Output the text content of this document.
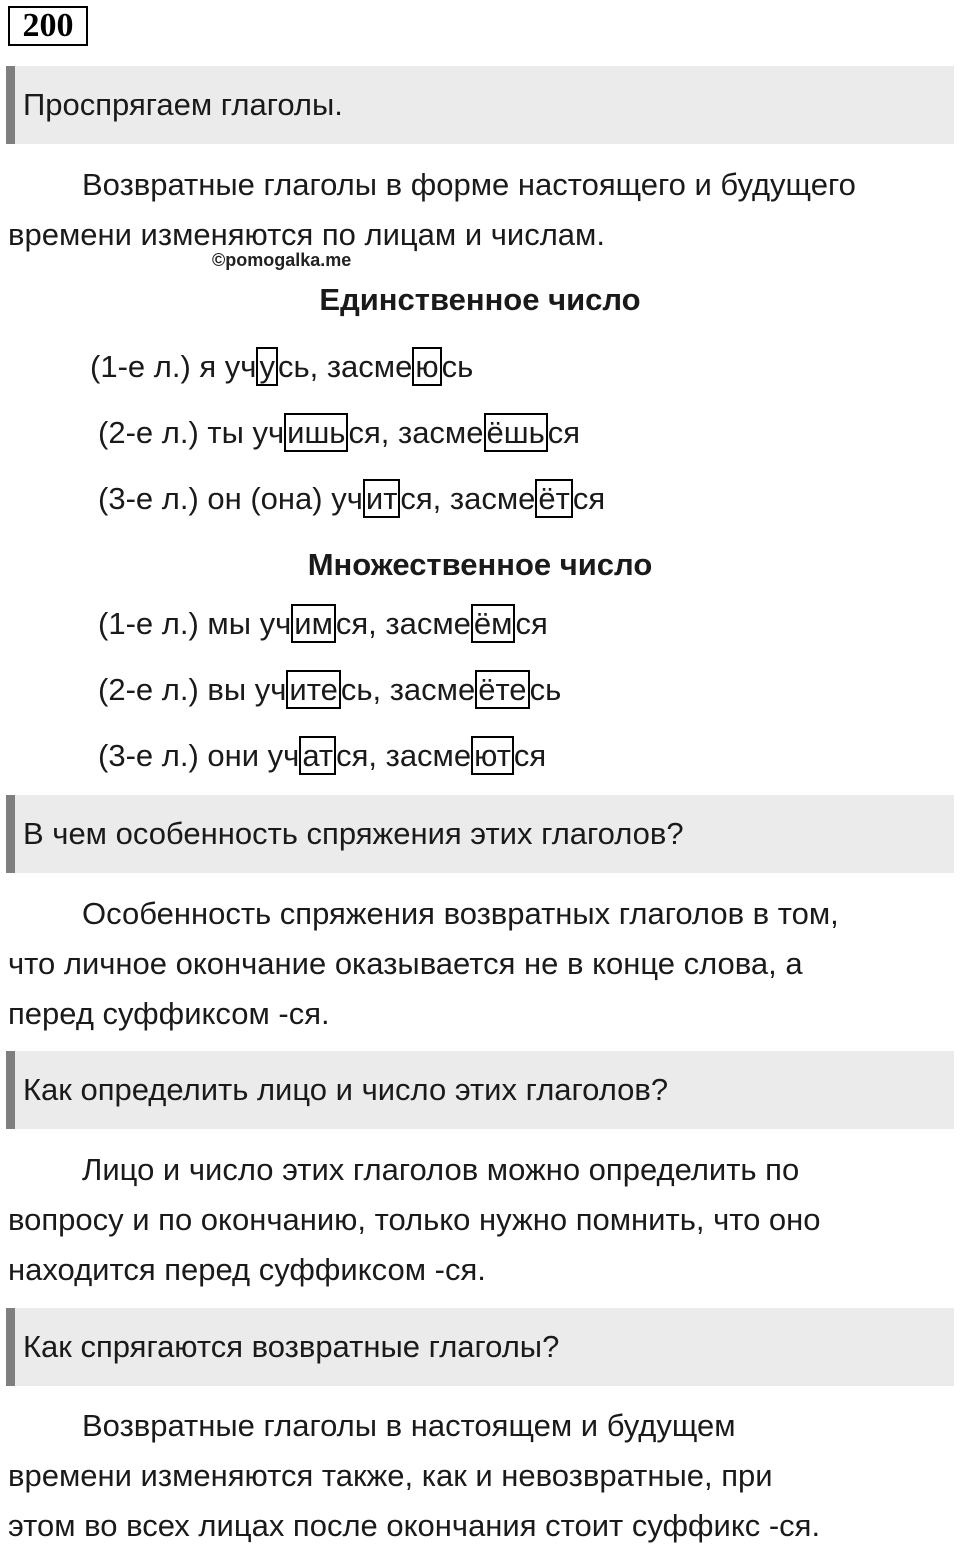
200
Проспрягаем глаголы.

Возвратные глаголы в форме настоящего и будущего
времени изменяются по лицам и числам.

©pomogalka.me
Единственное число
(1-е л.) я учусь, засмеюсь
(2-е л.) ты учишься, засмеёшься
(3-е л.) он (она) учится, засмеётся
Множественное число
(1-е л.) мы учимся, засмеёмся
(2-е л.) вы учитесь, засмеётесь
(3-е л.) они учатся, засмеются
В чем особенность спряжения этих глаголов?

Особенность спряжения возвратных глаголов в том,
что личное окончание оказывается не в конце слова, а
перед суффиксом -ся.

Как определить лицо и число этих глаголов?

Лицо и число этих глаголов можно определить по
вопросу и по окончанию, только нужно помнить, что оно
находится перед суффиксом -ся.

Как спрягаются возвратные глаголы?

Возвратные глаголы в настоящем и будущем
времени изменяются также, как и невозвратные, при
этом во всех лицах после окончания стоит суффикс -ся.
